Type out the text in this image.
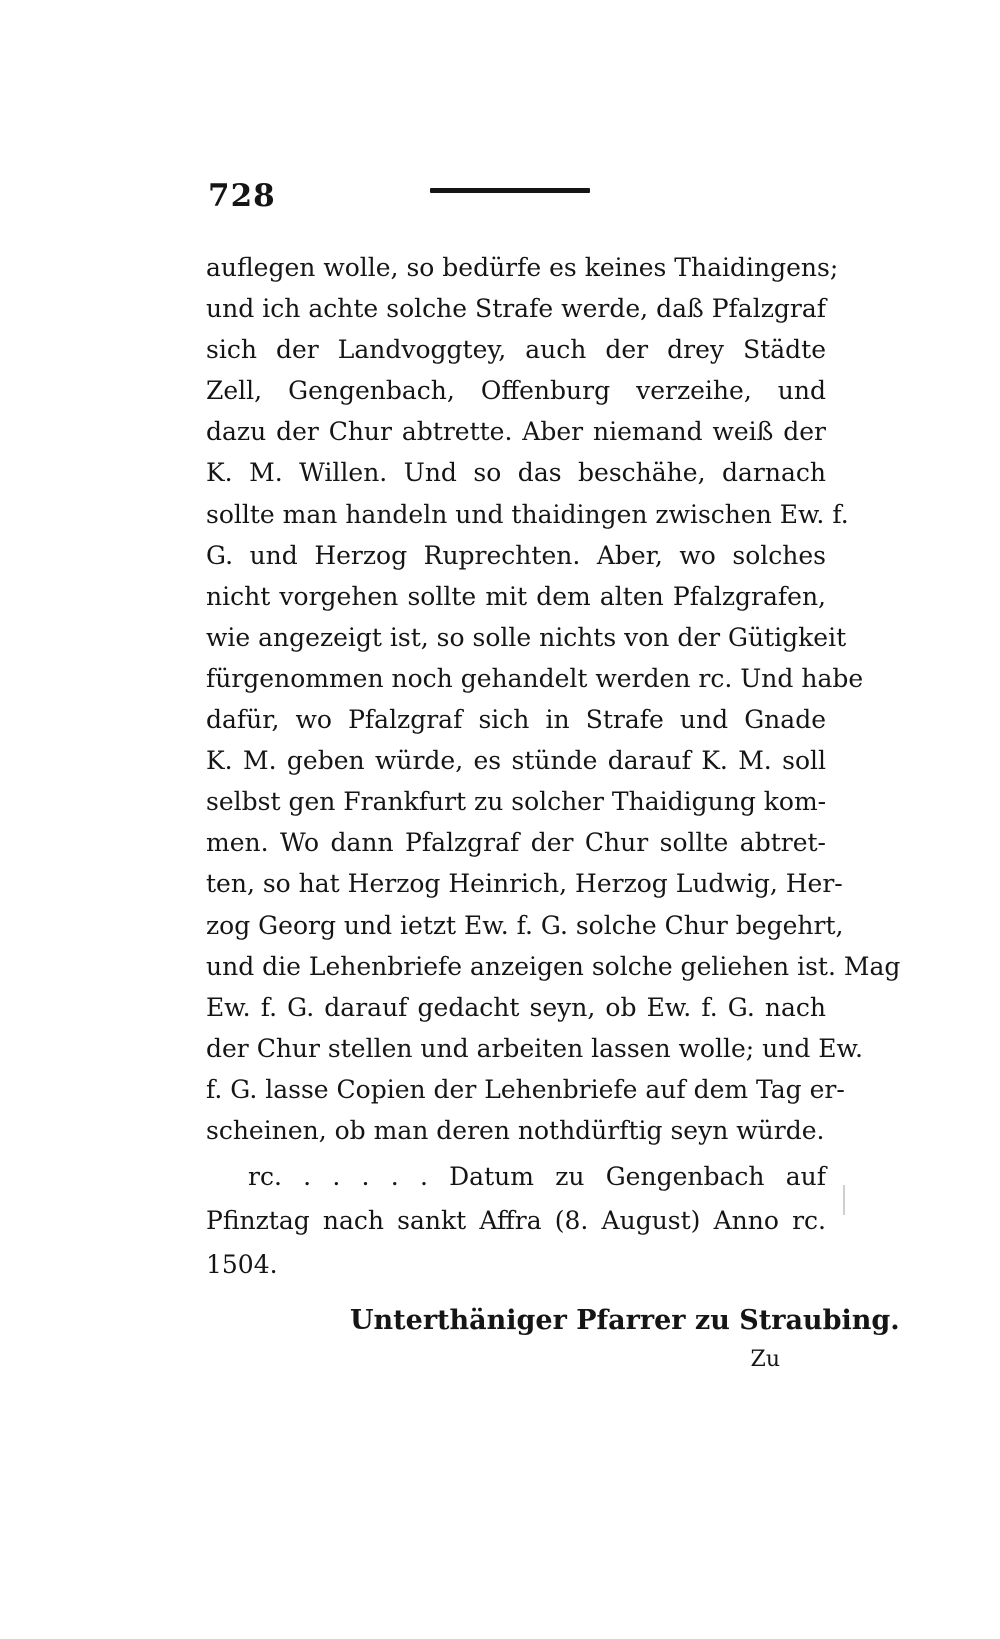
728
auflegen wolle, so bedürfe es keines Thaidingens;
und ich achte solche Strafe werde, daß Pfalzgraf
sich der Landvoggtey, auch der drey Städte
Zell, Gengenbach, Offenburg verzeihe, und
dazu der Chur abtrette. Aber niemand weiß der
K. M. Willen. Und so das beschähe, darnach
sollte man handeln und thaidingen zwischen Ew. f.
G. und Herzog Ruprechten. Aber, wo solches
nicht vorgehen sollte mit dem alten Pfalzgrafen,
wie angezeigt ist, so solle nichts von der Gütigkeit
fürgenommen noch gehandelt werden rc. Und habe
dafür, wo Pfalzgraf sich in Strafe und Gnade
K. M. geben würde, es stünde darauf K. M. soll
selbst gen Frankfurt zu solcher Thaidigung kom-
men. Wo dann Pfalzgraf der Chur sollte abtret-
ten, so hat Herzog Heinrich, Herzog Ludwig, Her-
zog Georg und ietzt Ew. f. G. solche Chur begehrt,
und die Lehenbriefe anzeigen solche geliehen ist. Mag
Ew. f. G. darauf gedacht seyn, ob Ew. f. G. nach
der Chur stellen und arbeiten lassen wolle; und Ew.
f. G. lasse Copien der Lehenbriefe auf dem Tag er-
scheinen, ob man deren nothdürftig seyn würde.
rc. . . . . . Datum zu Gengenbach auf
Pfinztag nach sankt Affra (8. August) Anno rc.
1504.
Unterthäniger Pfarrer zu Straubing.
Zu
